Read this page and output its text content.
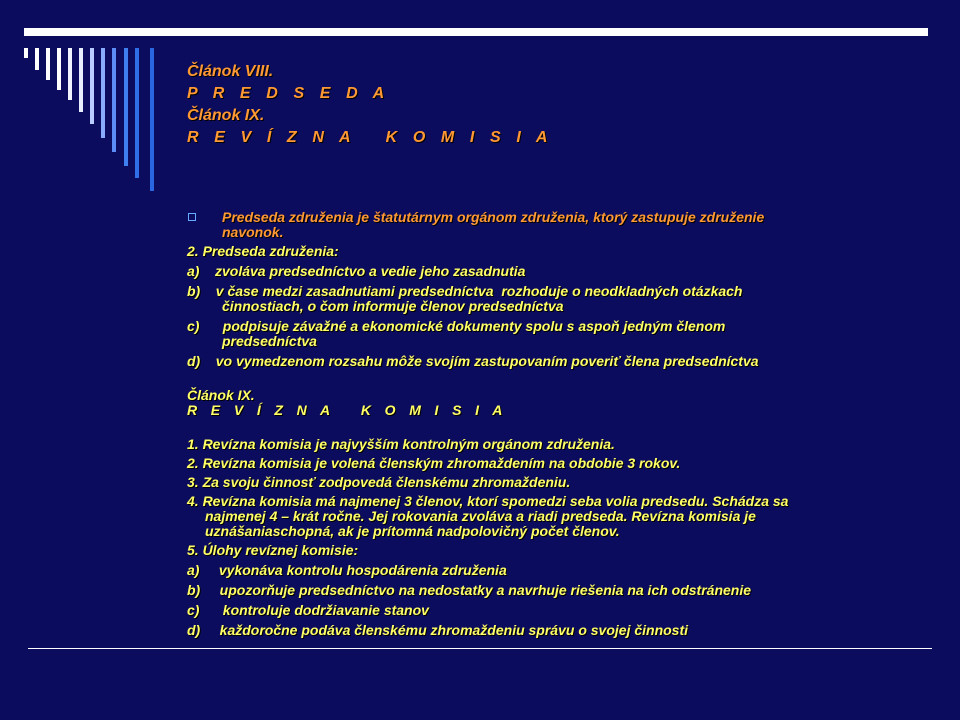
Článok VIII.
P R E D S E D A
Článok IX.
R E V Í Z N A   K O M I S I A
Predseda združenia je štatutárnym orgánom združenia, ktorý zastupuje združenie
navonok.
2. Predseda združenia:
a)    zvoláva predsedníctvo a vedie jeho zasadnutia
b)    v čase medzi zasadnutiami predsedníctva  rozhoduje o neodkladných otázkach
činnostiach, o čom informuje členov predsedníctva
c)      podpisuje závažné a ekonomické dokumenty spolu s aspoň jedným členom
predsedníctva
d)    vo vymedzenom rozsahu môže svojím zastupovaním poveriť člena predsedníctva
Článok IX.
R E V Í Z N A   K O M I S I A
1. Revízna komisia je najvyšším kontrolným orgánom združenia.
2. Revízna komisia je volená členským zhromaždením na obdobie 3 rokov.
3. Za svoju činnosť zodpovedá členskému zhromaždeniu.
4. Revízna komisia má najmenej 3 členov, ktorí spomedzi seba volia predsedu. Schádza sa
najmenej 4 – krát ročne. Jej rokovania zvoláva a riadi predseda. Revízna komisia je
uznášaniaschopná, ak je prítomná nadpolovičný počet členov.
5. Úlohy revíznej komisie:
a)     vykonáva kontrolu hospodárenia združenia
b)     upozorňuje predsedníctvo na nedostatky a navrhuje riešenia na ich odstránenie
c)      kontroluje dodržiavanie stanov
d)     každoročne podáva členskému zhromaždeniu správu o svojej činnosti
